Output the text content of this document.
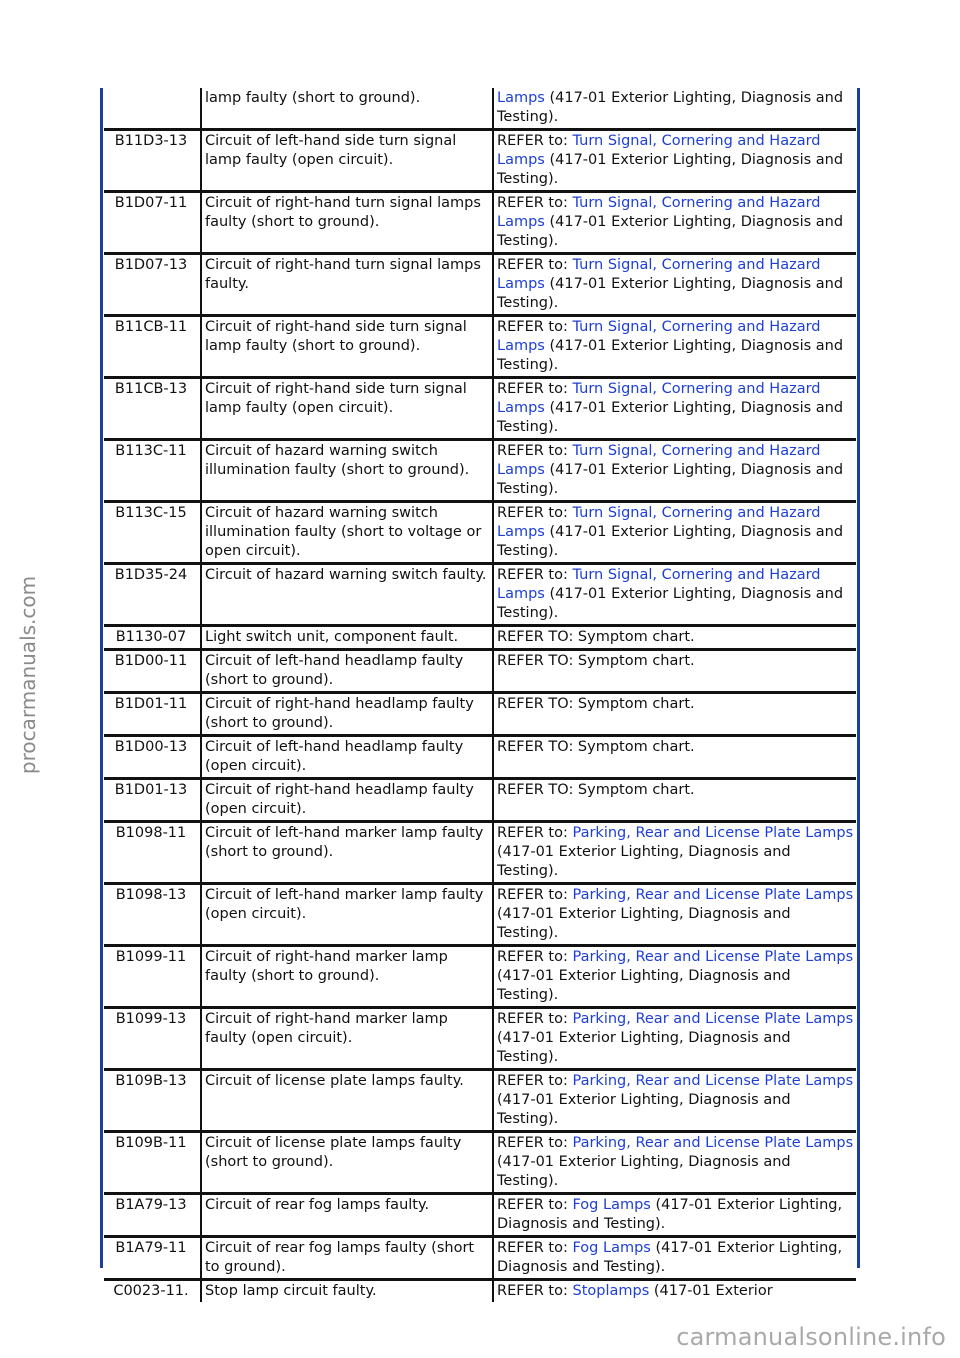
procarmanuals.com
	lamp faulty (short to ground).	Lamps (417-01 Exterior Lighting, Diagnosis and Testing).
B11D3-13	Circuit of left-hand side turn signal lamp faulty (open circuit).	REFER to: Turn Signal, Cornering and Hazard Lamps (417-01 Exterior Lighting, Diagnosis and Testing).
B1D07-11	Circuit of right-hand turn signal lamps faulty (short to ground).	REFER to: Turn Signal, Cornering and Hazard Lamps (417-01 Exterior Lighting, Diagnosis and Testing).
B1D07-13	Circuit of right-hand turn signal lamps faulty.	REFER to: Turn Signal, Cornering and Hazard Lamps (417-01 Exterior Lighting, Diagnosis and Testing).
B11CB-11	Circuit of right-hand side turn signal lamp faulty (short to ground).	REFER to: Turn Signal, Cornering and Hazard Lamps (417-01 Exterior Lighting, Diagnosis and Testing).
B11CB-13	Circuit of right-hand side turn signal lamp faulty (open circuit).	REFER to: Turn Signal, Cornering and Hazard Lamps (417-01 Exterior Lighting, Diagnosis and Testing).
B113C-11	Circuit of hazard warning switch illumination faulty (short to ground).	REFER to: Turn Signal, Cornering and Hazard Lamps (417-01 Exterior Lighting, Diagnosis and Testing).
B113C-15	Circuit of hazard warning switch illumination faulty (short to voltage or open circuit).	REFER to: Turn Signal, Cornering and Hazard Lamps (417-01 Exterior Lighting, Diagnosis and Testing).
B1D35-24	Circuit of hazard warning switch faulty.	REFER to: Turn Signal, Cornering and Hazard Lamps (417-01 Exterior Lighting, Diagnosis and Testing).
B1130-07	Light switch unit, component fault.	REFER TO: Symptom chart.
B1D00-11	Circuit of left-hand headlamp faulty (short to ground).	REFER TO: Symptom chart.
B1D01-11	Circuit of right-hand headlamp faulty (short to ground).	REFER TO: Symptom chart.
B1D00-13	Circuit of left-hand headlamp faulty (open circuit).	REFER TO: Symptom chart.
B1D01-13	Circuit of right-hand headlamp faulty (open circuit).	REFER TO: Symptom chart.
B1098-11	Circuit of left-hand marker lamp faulty (short to ground).	REFER to: Parking, Rear and License Plate Lamps (417-01 Exterior Lighting, Diagnosis and Testing).
B1098-13	Circuit of left-hand marker lamp faulty (open circuit).	REFER to: Parking, Rear and License Plate Lamps (417-01 Exterior Lighting, Diagnosis and Testing).
B1099-11	Circuit of right-hand marker lamp faulty (short to ground).	REFER to: Parking, Rear and License Plate Lamps (417-01 Exterior Lighting, Diagnosis and Testing).
B1099-13	Circuit of right-hand marker lamp faulty (open circuit).	REFER to: Parking, Rear and License Plate Lamps (417-01 Exterior Lighting, Diagnosis and Testing).
B109B-13	Circuit of license plate lamps faulty.	REFER to: Parking, Rear and License Plate Lamps (417-01 Exterior Lighting, Diagnosis and Testing).
B109B-11	Circuit of license plate lamps faulty (short to ground).	REFER to: Parking, Rear and License Plate Lamps (417-01 Exterior Lighting, Diagnosis and Testing).
B1A79-13	Circuit of rear fog lamps faulty.	REFER to: Fog Lamps (417-01 Exterior Lighting, Diagnosis and Testing).
B1A79-11	Circuit of rear fog lamps faulty (short to ground).	REFER to: Fog Lamps (417-01 Exterior Lighting, Diagnosis and Testing).
C0023-11.	Stop lamp circuit faulty.	REFER to: Stoplamps (417-01 Exterior
carmanualsonline.info
